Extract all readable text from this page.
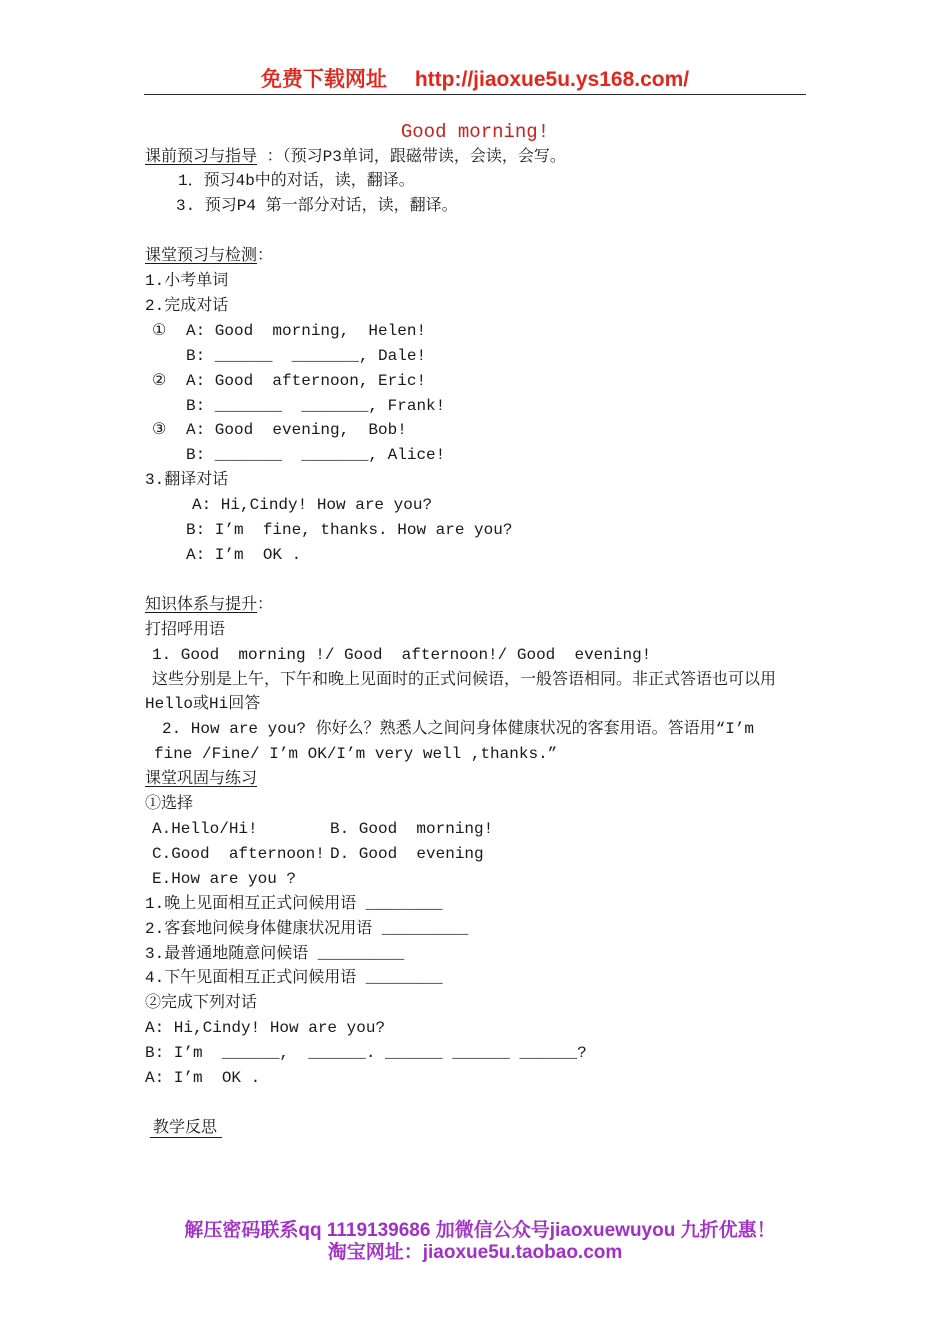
免费下载网址 http://jiaoxue5u.ys168.com/
Good morning!
课前预习与指导 ：（预习P3单词，跟磁带读，会读，会写。
1．预习4b中的对话，读，翻译。
3. 预习P4 第一部分对话，读，翻译。
课堂预习与检测：
1.小考单词
2.完成对话
① A: Good  morning,  Helen!
B: ______  _______, Dale!
② A: Good  afternoon, Eric!
B: _______  _______, Frank!
③ A: Good  evening,  Bob!
B: _______  _______, Alice!
3.翻译对话
A: Hi,Cindy! How are you?
B: I’m  fine, thanks. How are you?
A: I’m  OK .
知识体系与提升：
打招呼用语
1. Good  morning !/ Good  afternoon!/ Good  evening!
这些分别是上午，下午和晚上见面时的正式问候语，一般答语相同。非正式答语也可以用
Hello或Hi回答
2. How are you? 你好么？熟悉人之间问身体健康状况的客套用语。答语用“I’m
fine /Fine/ I’m OK/I’m very well ,thanks.”
课堂巩固与练习
①选择
A.Hello/Hi!	B. Good  morning!
C.Good  afternoon! D. Good  evening
E.How are you ?
1.晚上见面相互正式问候用语 ________
2.客套地问候身体健康状况用语 _________
3.最普通地随意问候语 _________
4.下午见面相互正式问候用语 ________
②完成下列对话
A: Hi,Cindy! How are you?
B: I’m  ______,  ______. ______ ______ ______?
A: I’m  OK .
教学反思
解压密码联系qq 1119139686 加微信公众号jiaoxuewuyou 九折优惠！
淘宝网址：jiaoxue5u.taobao.com
